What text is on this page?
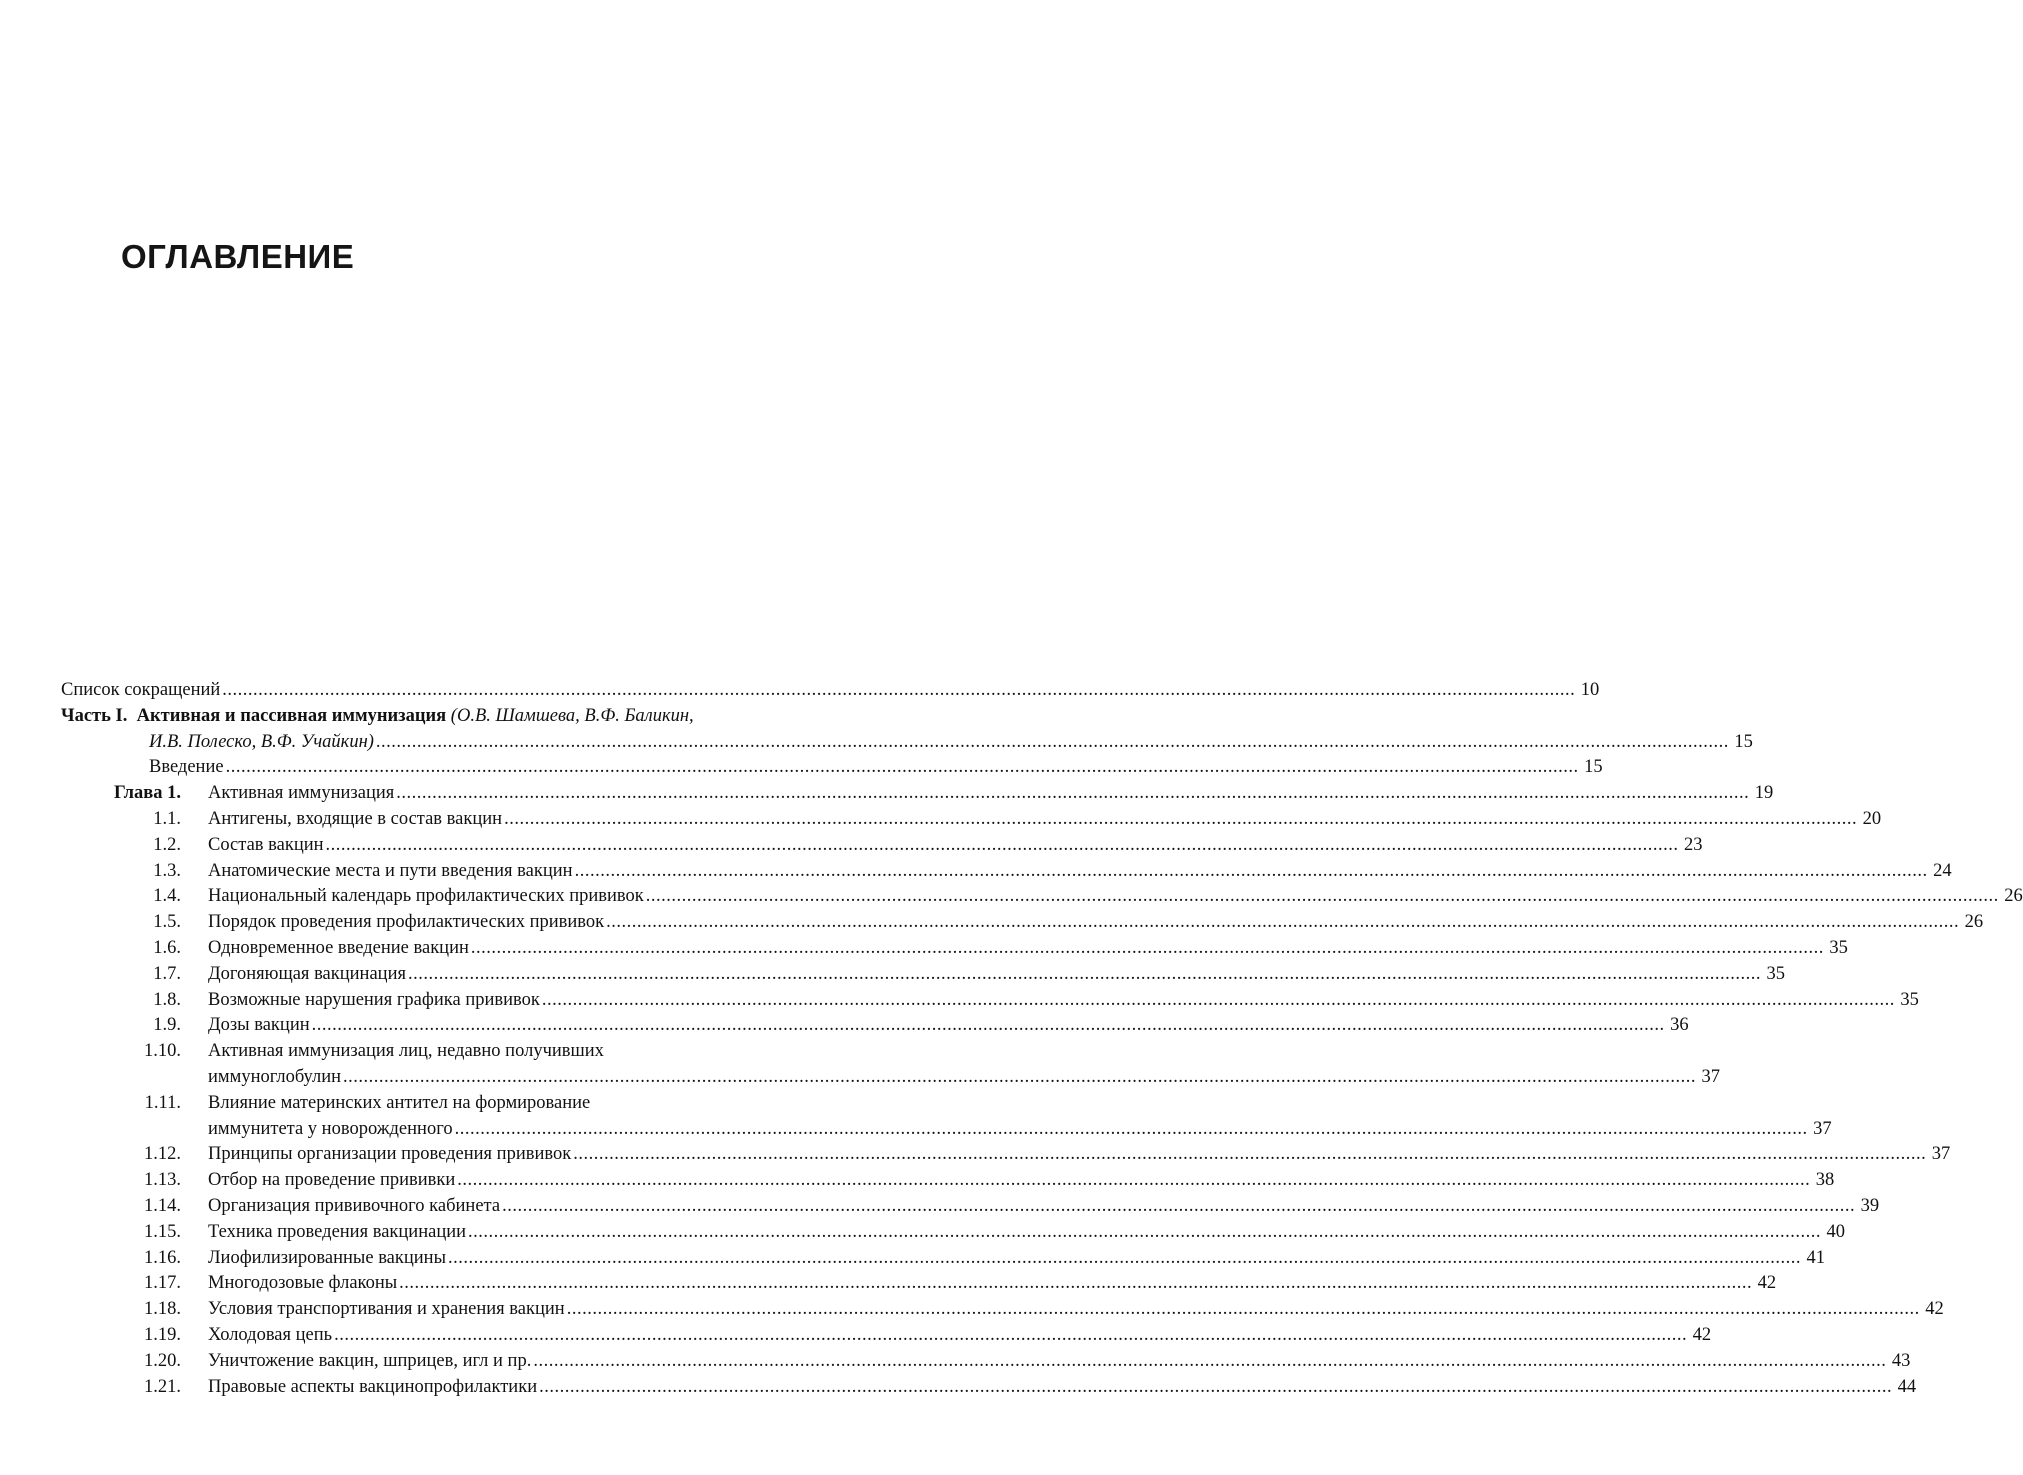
ОГЛАВЛЕНИЕ
Список сокращений ........................................................................................................................................................................................................................................................................ 10
Часть I. Активная и пассивная иммунизация (О.В. Шамшева, В.Ф. Баликин,
И.В. Полеско, В.Ф. Учайкин) ........................................................................................................................................................................................................................................................................ 15
Введение ........................................................................................................................................................................................................................................................................ 15
Глава 1.	Активная иммунизация ........................................................................................................................................................................................................................................................................ 19
1.1.	Антигены, входящие в состав вакцин ........................................................................................................................................................................................................................................................................ 20
1.2.	Состав вакцин ........................................................................................................................................................................................................................................................................ 23
1.3.	Анатомические места и пути введения вакцин ........................................................................................................................................................................................................................................................................ 24
1.4.	Национальный календарь профилактических прививок ........................................................................................................................................................................................................................................................................ 26
1.5.	Порядок проведения профилактических прививок ........................................................................................................................................................................................................................................................................ 26
1.6.	Одновременное введение вакцин ........................................................................................................................................................................................................................................................................ 35
1.7.	Догоняющая вакцинация ........................................................................................................................................................................................................................................................................ 35
1.8.	Возможные нарушения графика прививок ........................................................................................................................................................................................................................................................................ 35
1.9.	Дозы вакцин ........................................................................................................................................................................................................................................................................ 36
1.10.	Активная иммунизация лиц, недавно получивших
иммуноглобулин ........................................................................................................................................................................................................................................................................ 37
1.11.	Влияние материнских антител на формирование
иммунитета у новорожденного ........................................................................................................................................................................................................................................................................ 37
1.12.	Принципы организации проведения прививок ........................................................................................................................................................................................................................................................................ 37
1.13.	Отбор на проведение прививки ........................................................................................................................................................................................................................................................................ 38
1.14.	Организация прививочного кабинета ........................................................................................................................................................................................................................................................................ 39
1.15.	Техника проведения вакцинации ........................................................................................................................................................................................................................................................................ 40
1.16.	Лиофилизированные вакцины ........................................................................................................................................................................................................................................................................ 41
1.17.	Многодозовые флаконы ........................................................................................................................................................................................................................................................................ 42
1.18.	Условия транспортивания и хранения вакцин ........................................................................................................................................................................................................................................................................ 42
1.19.	Холодовая цепь ........................................................................................................................................................................................................................................................................ 42
1.20.	Уничтожение вакцин, шприцев, игл и пр. ........................................................................................................................................................................................................................................................................ 43
1.21.	Правовые аспекты вакцинопрофилактики ........................................................................................................................................................................................................................................................................ 44
